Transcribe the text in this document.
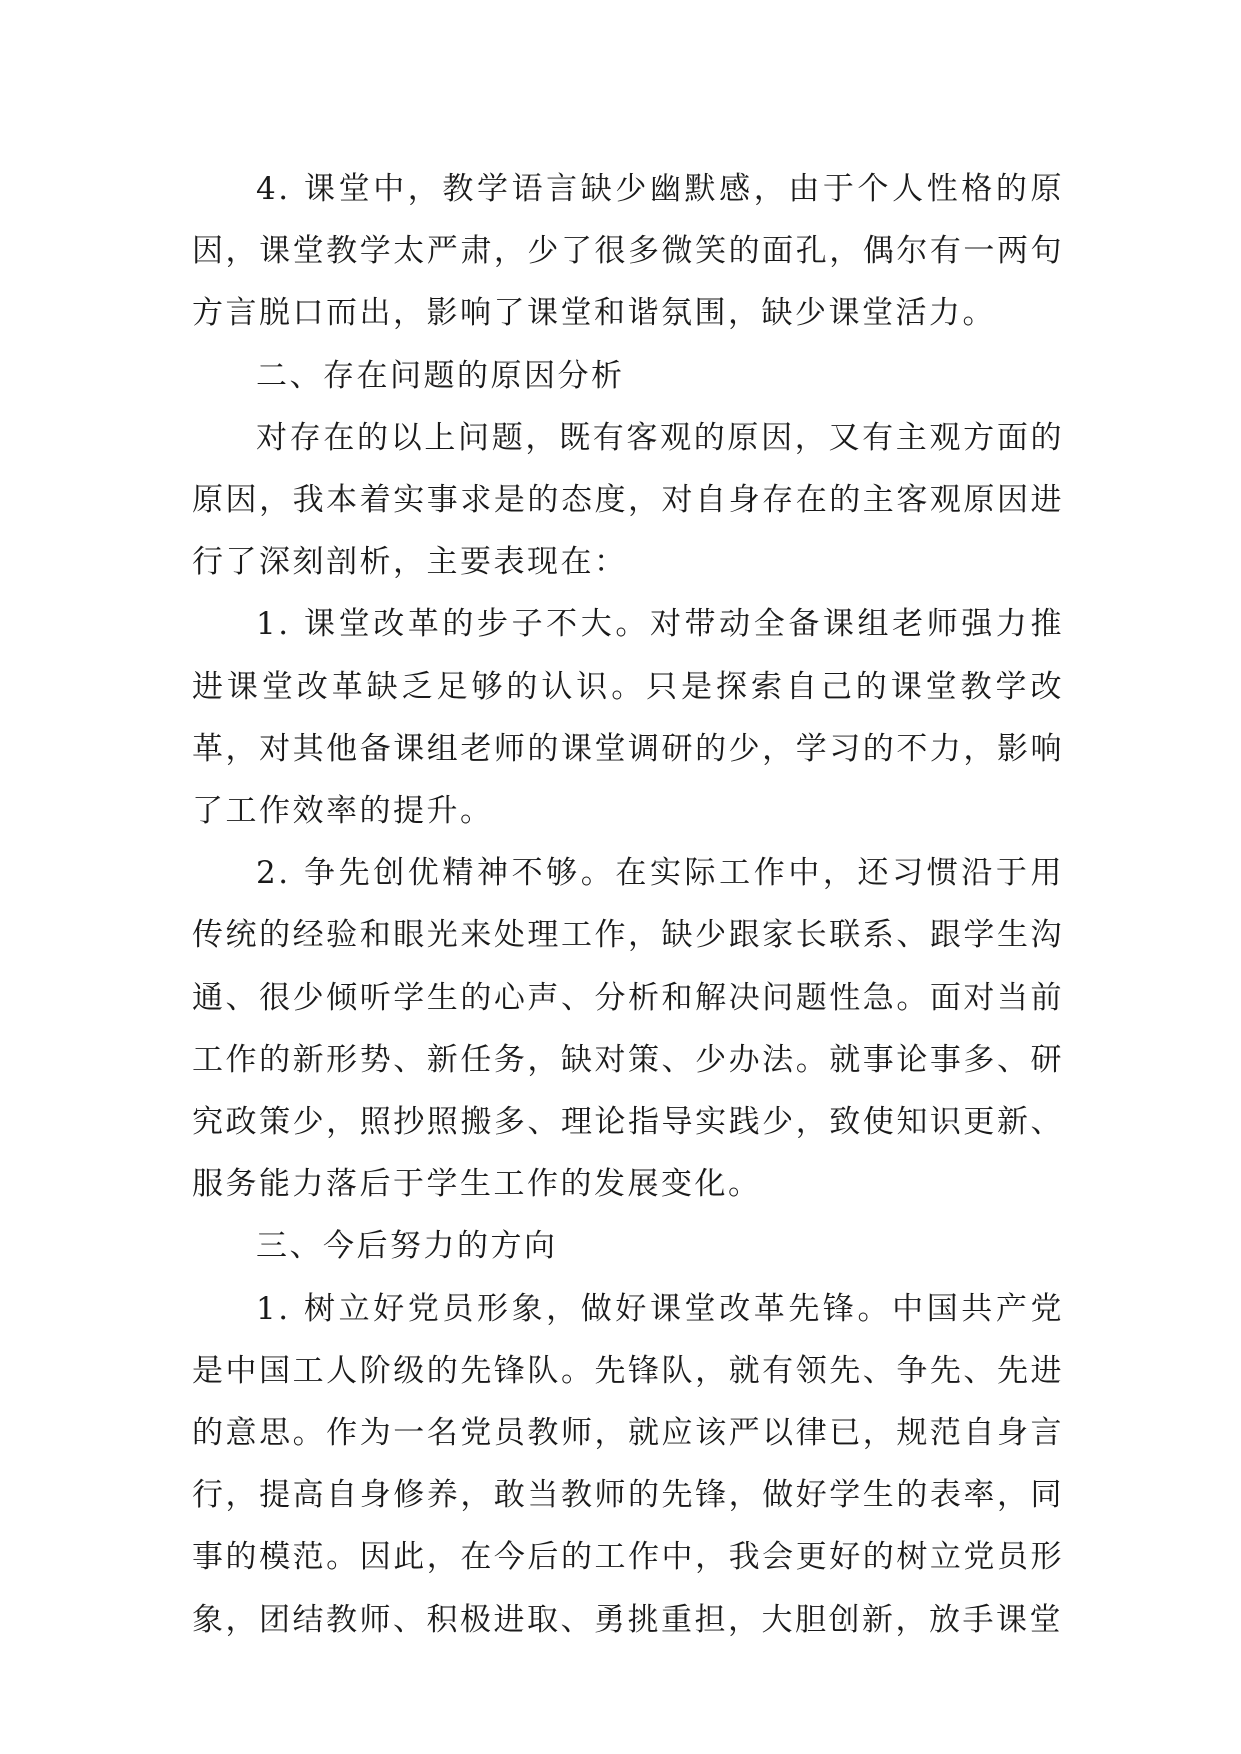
4. 课堂中，教学语言缺少幽默感，由于个人性格的原因，课堂教学太严肃，少了很多微笑的面孔，偶尔有一两句方言脱口而出，影响了课堂和谐氛围，缺少课堂活力。

二、存在问题的原因分析

对存在的以上问题，既有客观的原因，又有主观方面的原因，我本着实事求是的态度，对自身存在的主客观原因进行了深刻剖析，主要表现在：

1. 课堂改革的步子不大。对带动全备课组老师强力推进课堂改革缺乏足够的认识。只是探索自己的课堂教学改革，对其他备课组老师的课堂调研的少，学习的不力，影响了工作效率的提升。

2. 争先创优精神不够。在实际工作中，还习惯沿于用传统的经验和眼光来处理工作，缺少跟家长联系、跟学生沟通、很少倾听学生的心声、分析和解决问题性急。面对当前工作的新形势、新任务，缺对策、少办法。就事论事多、研究政策少，照抄照搬多、理论指导实践少，致使知识更新、服务能力落后于学生工作的发展变化。

三、今后努力的方向

1. 树立好党员形象，做好课堂改革先锋。中国共产党是中国工人阶级的先锋队。先锋队，就有领先、争先、先进的意思。作为一名党员教师，就应该严以律已，规范自身言行，提高自身修养，敢当教师的先锋，做好学生的表率，同事的模范。因此，在今后的工作中，我会更好的树立党员形象，团结教师、积极进取、勇挑重担，大胆创新，放手课堂
